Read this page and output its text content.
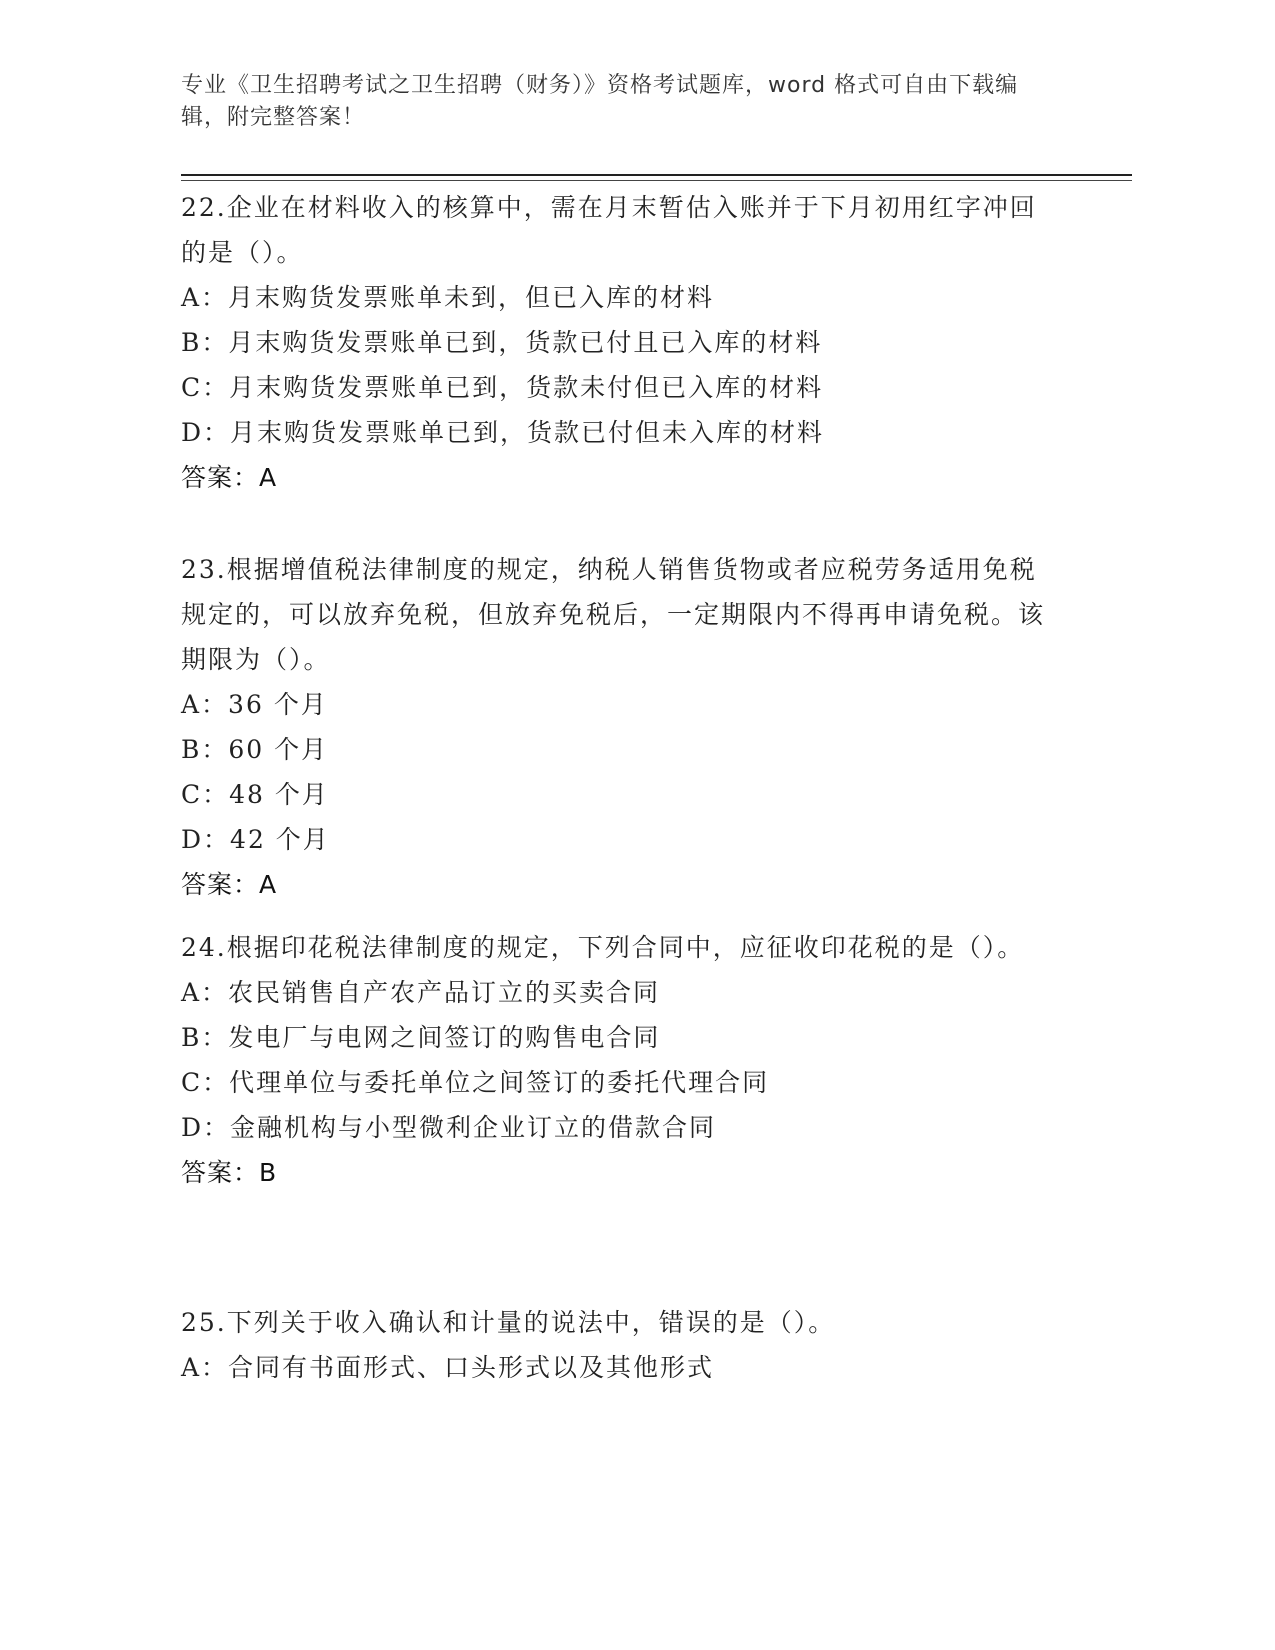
专业《卫生招聘考试之卫生招聘（财务）》资格考试题库，word 格式可自由下载编辑，附完整答案！

22.企业在材料收入的核算中，需在月末暂估入账并于下月初用红字冲回的是（）。

A：月末购货发票账单未到，但已入库的材料

B：月末购货发票账单已到，货款已付且已入库的材料

C：月末购货发票账单已到，货款未付但已入库的材料

D：月末购货发票账单已到，货款已付但未入库的材料

答案：A

23.根据增值税法律制度的规定，纳税人销售货物或者应税劳务适用免税规定的，可以放弃免税，但放弃免税后，一定期限内不得再申请免税。该期限为（）。

A：36 个月

B：60 个月

C：48 个月

D：42 个月

答案：A

24.根据印花税法律制度的规定，下列合同中，应征收印花税的是（）。

A：农民销售自产农产品订立的买卖合同

B：发电厂与电网之间签订的购售电合同

C：代理单位与委托单位之间签订的委托代理合同

D：金融机构与小型微利企业订立的借款合同

答案：B

25.下列关于收入确认和计量的说法中，错误的是（）。

A：合同有书面形式、口头形式以及其他形式
